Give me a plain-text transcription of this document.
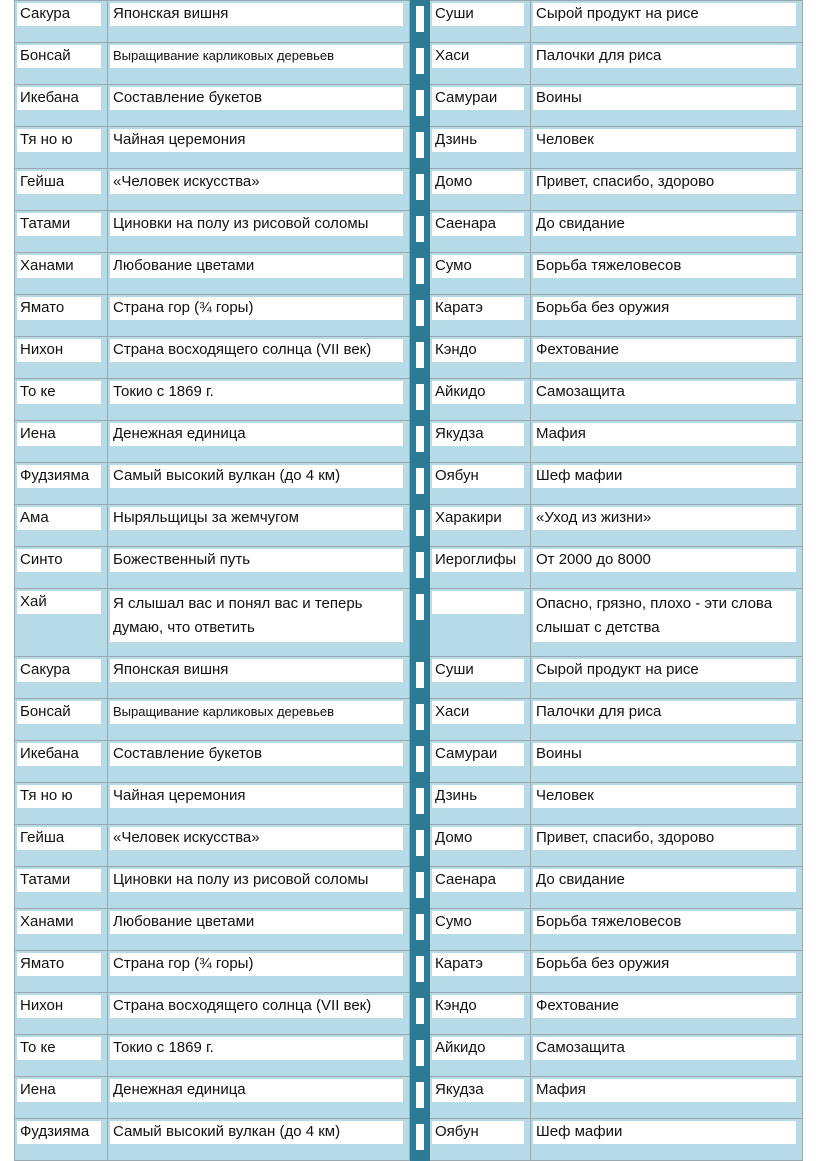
Сакура	Японская вишня		Суши	Сырой продукт на рисе

Бонсай	Выращивание карликовых деревьев		Хаси	Палочки для риса

Икебана	Составление букетов		Самураи	Воины

Тя но ю	Чайная церемония		Дзинь	Человек

Гейша	«Человек искусства»		Домо	Привет, спасибо, здорово

Татами	Циновки на полу из рисовой соломы		Саенара	До свидание

Ханами	Любование цветами		Сумо	Борьба тяжеловесов

Ямато	Страна гор (¾ горы)		Каратэ	Борьба без оружия

Нихон	Страна восходящего солнца (VII век)		Кэндо	Фехтование

То ке	Токио с 1869 г.		Айкидо	Самозащита

Иена	Денежная единица		Якудза	Мафия

Фудзияма	Самый высокий вулкан (до 4 км)		Оябун	Шеф мафии

Ама	Ныряльщицы за жемчугом		Харакири	«Уход из жизни»

Синто	Божественный путь		Иероглифы	От 2000 до 8000

Хай	Я слышал вас и понял вас и теперь думаю, что ответить			Опасно, грязно, плохо - эти слова слышат с детства

Сакура	Японская вишня		Суши	Сырой продукт на рисе

Бонсай	Выращивание карликовых деревьев		Хаси	Палочки для риса

Икебана	Составление букетов		Самураи	Воины

Тя но ю	Чайная церемония		Дзинь	Человек

Гейша	«Человек искусства»		Домо	Привет, спасибо, здорово

Татами	Циновки на полу из рисовой соломы		Саенара	До свидание

Ханами	Любование цветами		Сумо	Борьба тяжеловесов

Ямато	Страна гор (¾ горы)		Каратэ	Борьба без оружия

Нихон	Страна восходящего солнца (VII век)		Кэндо	Фехтование

То ке	Токио с 1869 г.		Айкидо	Самозащита

Иена	Денежная единица		Якудза	Мафия

Фудзияма	Самый высокий вулкан (до 4 км)		Оябун	Шеф мафии
